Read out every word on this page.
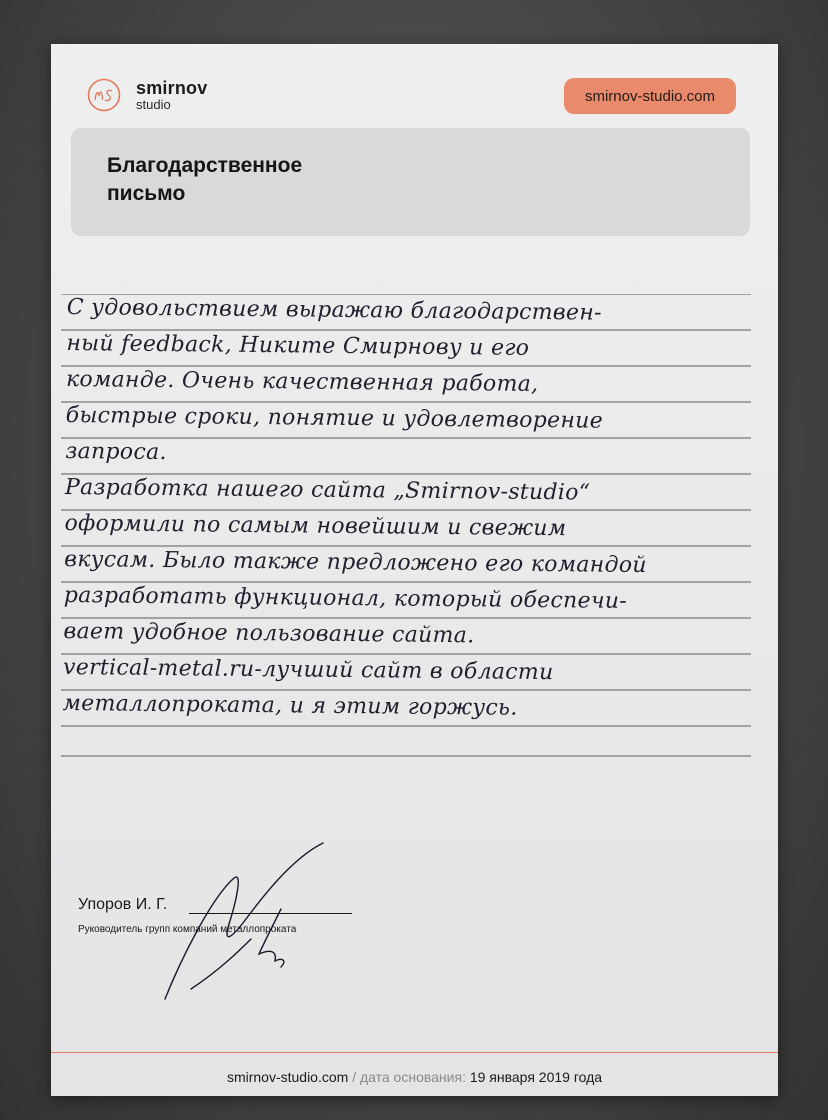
smirnov
studio	smirnov-studio.com
Благодарственное
письмо

С удовольствием выражаю благодарствен-
ный feedback, Никите Смирнову и его
команде. Очень качественная работа,
быстрые сроки, понятие и удовлетворение
запроса.
Разработка нашего сайта „Smirnov-studio“
оформили по самым новейшим и свежим
вкусам. Было также предложено его командой
разработать функционал, который обеспечи-
вает удобное пользование сайта.
vertical-metal.ru-лучший сайт в области
металлопроката, и я этим горжусь.

Упоров И. Г.
Руководитель групп компаний металлопроката
smirnov-studio.com / дата основания: 19 января 2019 года
